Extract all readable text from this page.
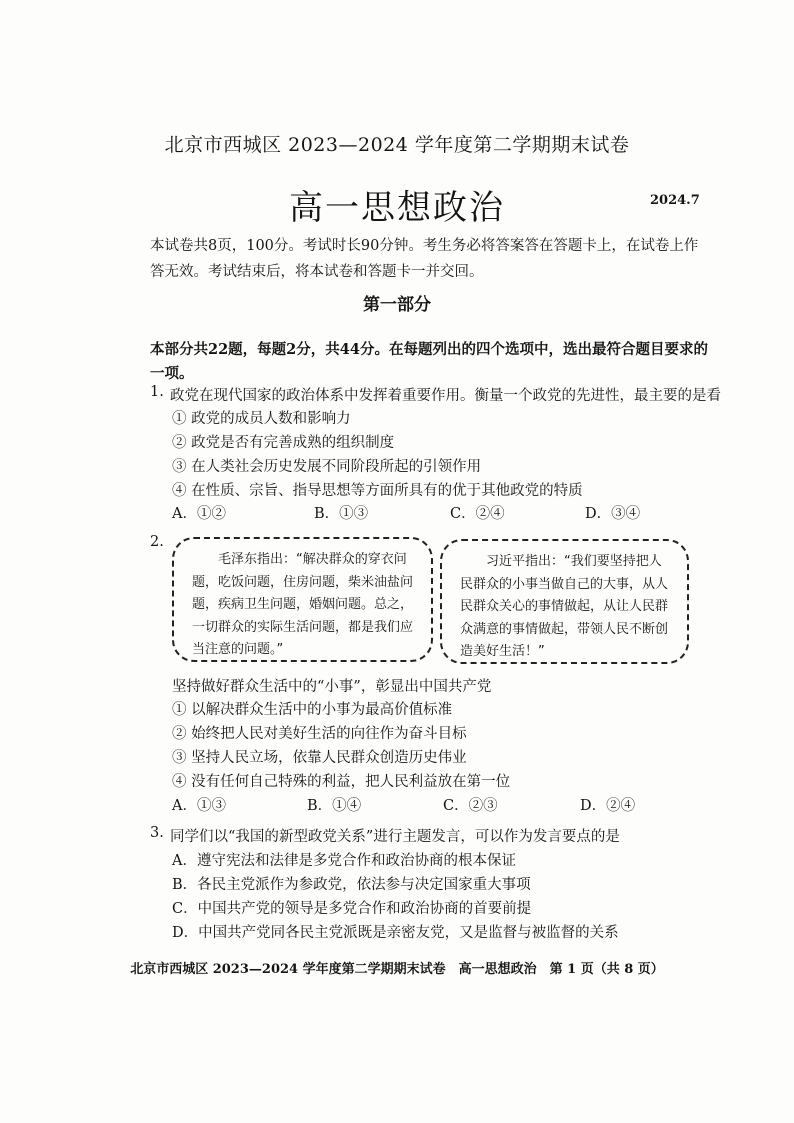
北京市西城区 2023—2024 学年度第二学期期末试卷
高一思想政治	2024.7
本试卷共8页，100分。考试时长90分钟。考生务必将答案答在答题卡上，在试卷上作答无效。考试结束后，将本试卷和答题卡一并交回。
第一部分
本部分共22题，每题2分，共44分。在每题列出的四个选项中，选出最符合题目要求的一项。
1. 政党在现代国家的政治体系中发挥着重要作用。衡量一个政党的先进性，最主要的是看
① 政党的成员人数和影响力
② 政党是否有完善成熟的组织制度
③ 在人类社会历史发展不同阶段所起的引领作用
④ 在性质、宗旨、指导思想等方面所具有的优于其他政党的特质
A．①②	B．①③	C．②④	D．③④
2.
毛泽东指出：“解决群众的穿衣问题，吃饭问题，住房问题，柴米油盐问题，疾病卫生问题，婚姻问题。总之，一切群众的实际生活问题，都是我们应当注意的问题。”
习近平指出：“我们要坚持把人民群众的小事当做自己的大事，从人民群众关心的事情做起，从让人民群众满意的事情做起，带领人民不断创造美好生活！”
坚持做好群众生活中的“小事”，彰显出中国共产党
① 以解决群众生活中的小事为最高价值标准
② 始终把人民对美好生活的向往作为奋斗目标
③ 坚持人民立场，依靠人民群众创造历史伟业
④ 没有任何自己特殊的利益，把人民利益放在第一位
A．①③	B．①④	C．②③	D．②④
3. 同学们以“我国的新型政党关系”进行主题发言，可以作为发言要点的是
A．遵守宪法和法律是多党合作和政治协商的根本保证
B．各民主党派作为参政党，依法参与决定国家重大事项
C．中国共产党的领导是多党合作和政治协商的首要前提
D．中国共产党同各民主党派既是亲密友党，又是监督与被监督的关系
北京市西城区 2023—2024 学年度第二学期期末试卷　高一思想政治　第 1 页（共 8 页）
